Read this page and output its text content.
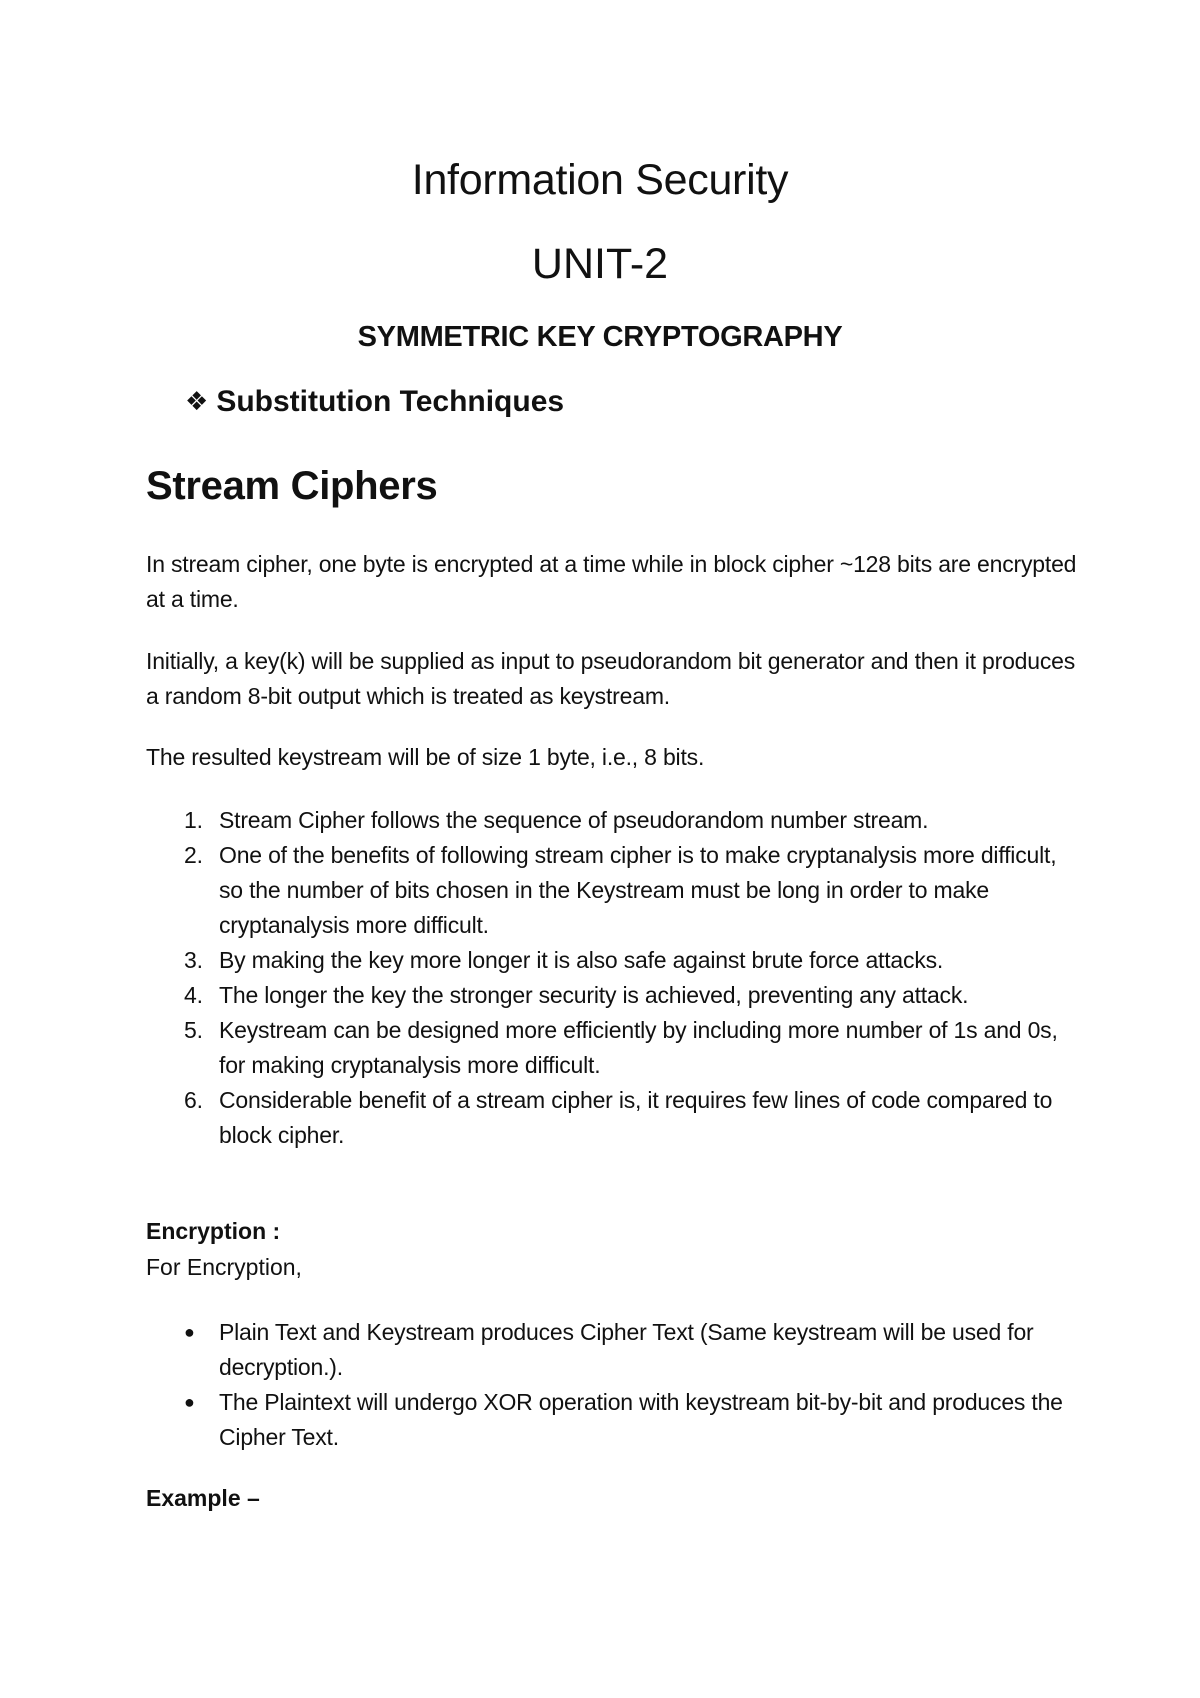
Information Security
UNIT-2
SYMMETRIC KEY CRYPTOGRAPHY
❖ Substitution Techniques
Stream Ciphers
In stream cipher, one byte is encrypted at a time while in block cipher ~128 bits are encrypted at a time.
Initially, a key(k) will be supplied as input to pseudorandom bit generator and then it produces a random 8-bit output which is treated as keystream.
The resulted keystream will be of size 1 byte, i.e., 8 bits.
1. Stream Cipher follows the sequence of pseudorandom number stream.
2. One of the benefits of following stream cipher is to make cryptanalysis more difficult, so the number of bits chosen in the Keystream must be long in order to make cryptanalysis more difficult.
3. By making the key more longer it is also safe against brute force attacks.
4. The longer the key the stronger security is achieved, preventing any attack.
5. Keystream can be designed more efficiently by including more number of 1s and 0s, for making cryptanalysis more difficult.
6. Considerable benefit of a stream cipher is, it requires few lines of code compared to block cipher.
Encryption :
For Encryption,
● Plain Text and Keystream produces Cipher Text (Same keystream will be used for decryption.).
● The Plaintext will undergo XOR operation with keystream bit-by-bit and produces the Cipher Text.
Example –
